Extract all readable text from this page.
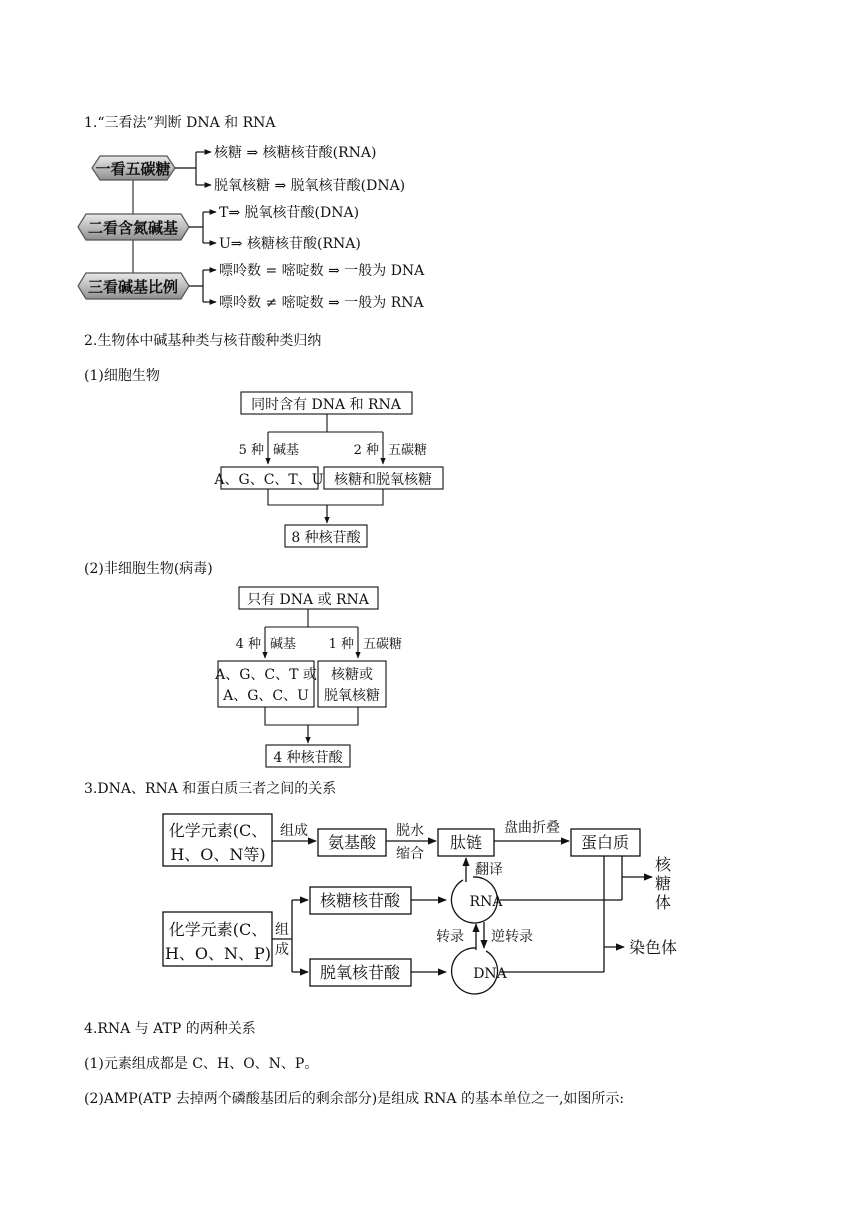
1.“三看法”判断 DNA 和 RNA
一看五碳糖
二看含氮碱基
三看碱基比例
核糖 ⇒ 核糖核苷酸(RNA)
脱氧核糖 ⇒ 脱氧核苷酸(DNA)
T⇒ 脱氧核苷酸(DNA)
U⇒ 核糖核苷酸(RNA)
嘌呤数 = 嘧啶数 ⇒ 一般为 DNA
嘌呤数 ≠ 嘧啶数 ⇒ 一般为 RNA
2.生物体中碱基种类与核苷酸种类归纳
(1)细胞生物
同时含有 DNA 和 RNA
5 种 碱基	2 种 五碳糖
A、G、C、T、U 核糖和脱氧核糖
8 种核苷酸
(2)非细胞生物(病毒)
只有 DNA 或 RNA
4 种 碱基	1 种 五碳糖
A、G、C、T 或
A、G、C、U
核糖或
脱氧核糖
4 种核苷酸
3.DNA、RNA 和蛋白质三者之间的关系
化学元素(C、
H、O、N等)
组成
氨基酸
脱水
缩合
肽链
盘曲折叠
蛋白质
核
糖
体
翻译
核糖核苷酸	RNA
化学元素(C、
H、O、N、P)
组
成
转录 逆转录
染色体
脱氧核苷酸	DNA
4.RNA 与 ATP 的两种关系
(1)元素组成都是 C、H、O、N、P。
(2)AMP(ATP 去掉两个磷酸基团后的剩余部分)是组成 RNA 的基本单位之一,如图所示:
